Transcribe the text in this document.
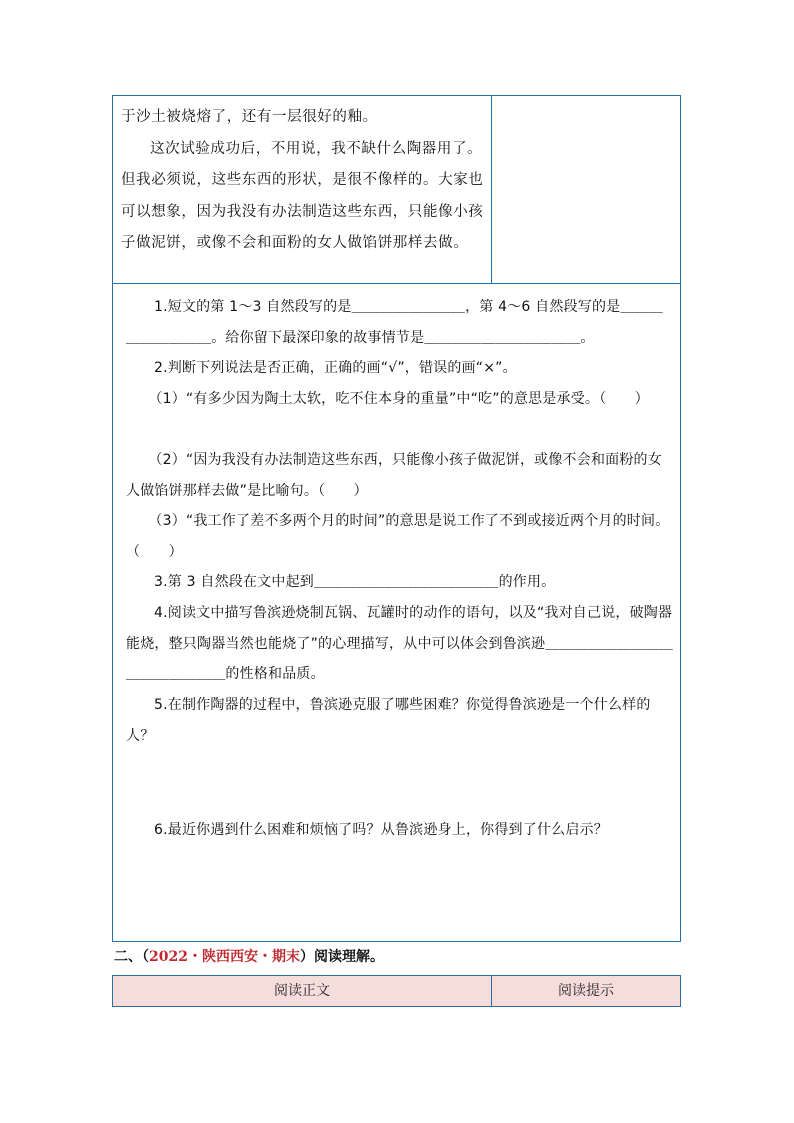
于沙土被烧熔了，还有一层很好的釉。

这次试验成功后，不用说，我不缺什么陶器用了。但我必须说，这些东西的形状，是很不像样的。大家也可以想象，因为我没有办法制造这些东西，只能像小孩子做泥饼，或像不会和面粉的女人做馅饼那样去做。

1.短文的第 1～3 自然段写的是＿＿＿＿＿＿＿＿，第 4～6 自然段写的是＿＿＿＿＿＿＿＿＿。给你留下最深印象的故事情节是＿＿＿＿＿＿＿＿＿＿＿。

2.判断下列说法是否正确，正确的画“√”，错误的画“×”。

（1）“有多少因为陶土太软，吃不住本身的重量”中“吃”的意思是承受。（　　）

（2）“因为我没有办法制造这些东西，只能像小孩子做泥饼，或像不会和面粉的女人做馅饼那样去做”是比喻句。（　　）

（3）“我工作了差不多两个月的时间”的意思是说工作了不到或接近两个月的时间。（　　）

3.第 3 自然段在文中起到＿＿＿＿＿＿＿＿＿＿＿＿＿的作用。

4.阅读文中描写鲁滨逊烧制瓦锅、瓦罐时的动作的语句，以及“我对自己说，破陶器能烧，整只陶器当然也能烧了”的心理描写，从中可以体会到鲁滨逊＿＿＿＿＿＿＿＿＿＿＿＿＿＿＿＿的性格和品质。

5.在制作陶器的过程中，鲁滨逊克服了哪些困难？你觉得鲁滨逊是一个什么样的人？

6.最近你遇到什么困难和烦恼了吗？从鲁滨逊身上，你得到了什么启示？

二、（2022・陕西西安・期末）阅读理解。
阅读正文	阅读提示
